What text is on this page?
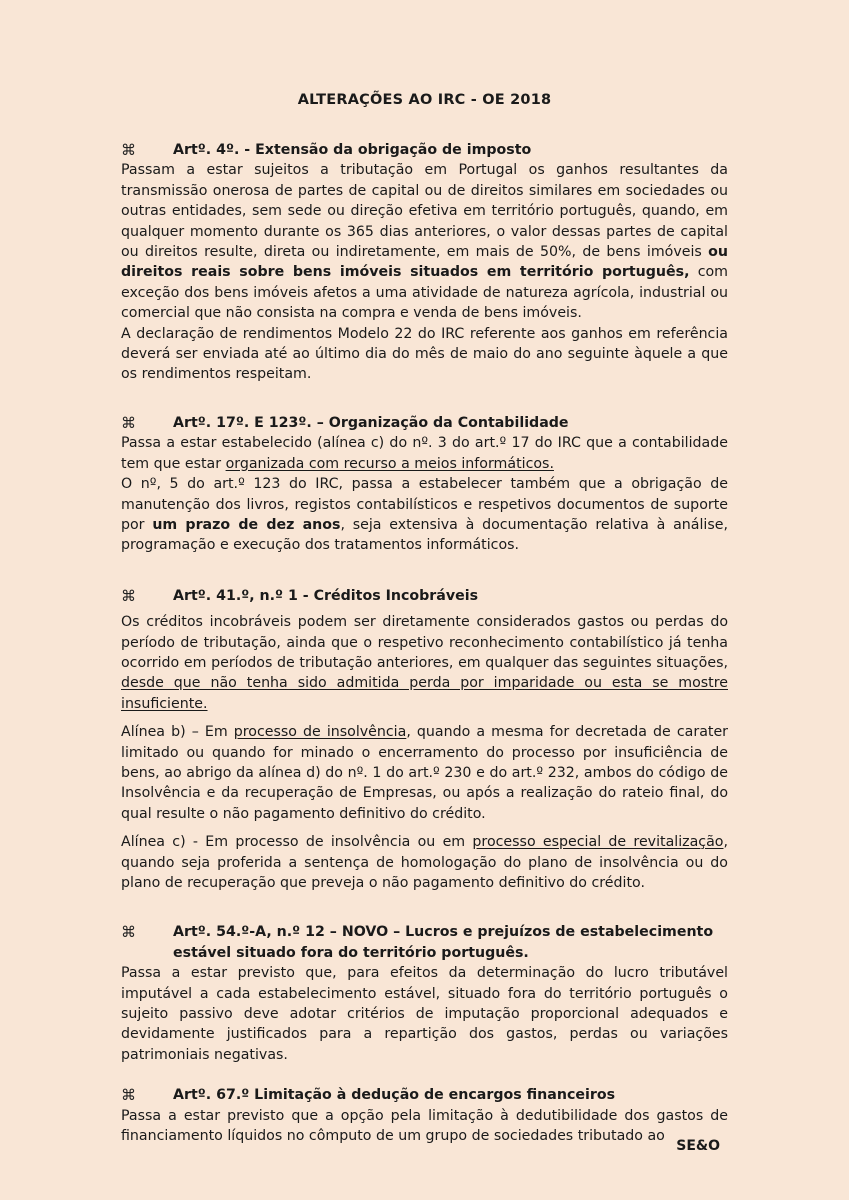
ALTERAÇÕES AO IRC - OE 2018
⌘	Artº. 4º. - Extensão da obrigação de imposto

Passam a estar sujeitos a tributação em Portugal os ganhos resultantes da transmissão onerosa de partes de capital ou de direitos similares em sociedades ou outras entidades, sem sede ou direção efetiva em território português, quando, em qualquer momento durante os 365 dias anteriores, o valor dessas partes de capital ou direitos resulte, direta ou indiretamente, em mais de 50%, de bens imóveis ou direitos reais sobre bens imóveis situados em território português, com exceção dos bens imóveis afetos a uma atividade de natureza agrícola, industrial ou comercial que não consista na compra e venda de bens imóveis.

A declaração de rendimentos Modelo 22 do IRC referente aos ganhos em referência deverá ser enviada até ao último dia do mês de maio do ano seguinte àquele a que os rendimentos respeitam.

⌘	Artº. 17º. E 123º. – Organização da Contabilidade

Passa a estar estabelecido (alínea c) do nº. 3 do art.º 17 do IRC que a contabilidade tem que estar organizada com recurso a meios informáticos.

O nº, 5 do art.º 123 do IRC, passa a estabelecer também que a obrigação de manutenção dos livros, registos contabilísticos e respetivos documentos de suporte por um prazo de dez anos, seja extensiva à documentação relativa à análise, programação e execução dos tratamentos informáticos.

⌘	Artº. 41.º, n.º 1 - Créditos Incobráveis

Os créditos incobráveis podem ser diretamente considerados gastos ou perdas do período de tributação, ainda que o respetivo reconhecimento contabilístico já tenha ocorrido em períodos de tributação anteriores, em qualquer das seguintes situações, desde que não tenha sido admitida perda por imparidade ou esta se mostre insuficiente.

Alínea b) – Em processo de insolvência, quando a mesma for decretada de carater limitado ou quando for minado o encerramento do processo por insuficiência de bens, ao abrigo da alínea d) do nº. 1 do art.º 230 e do art.º 232, ambos do código de Insolvência e da recuperação de Empresas, ou após a realização do rateio final, do qual resulte o não pagamento definitivo do crédito.

Alínea c) - Em processo de insolvência ou em processo especial de revitalização, quando seja proferida a sentença de homologação do plano de insolvência ou do plano de recuperação que preveja o não pagamento definitivo do crédito.

⌘	Artº. 54.º-A, n.º 12 – NOVO – Lucros e prejuízos de estabelecimento estável situado fora do território português.

Passa a estar previsto que, para efeitos da determinação do lucro tributável imputável a cada estabelecimento estável, situado fora do território português o sujeito passivo deve adotar critérios de imputação proporcional adequados e devidamente justificados para a repartição dos gastos, perdas ou variações patrimoniais negativas.

⌘	Artº. 67.º Limitação à dedução de encargos financeiros

Passa a estar previsto que a opção pela limitação à dedutibilidade dos gastos de financiamento líquidos no cômputo de um grupo de sociedades tributado ao

SE&O
